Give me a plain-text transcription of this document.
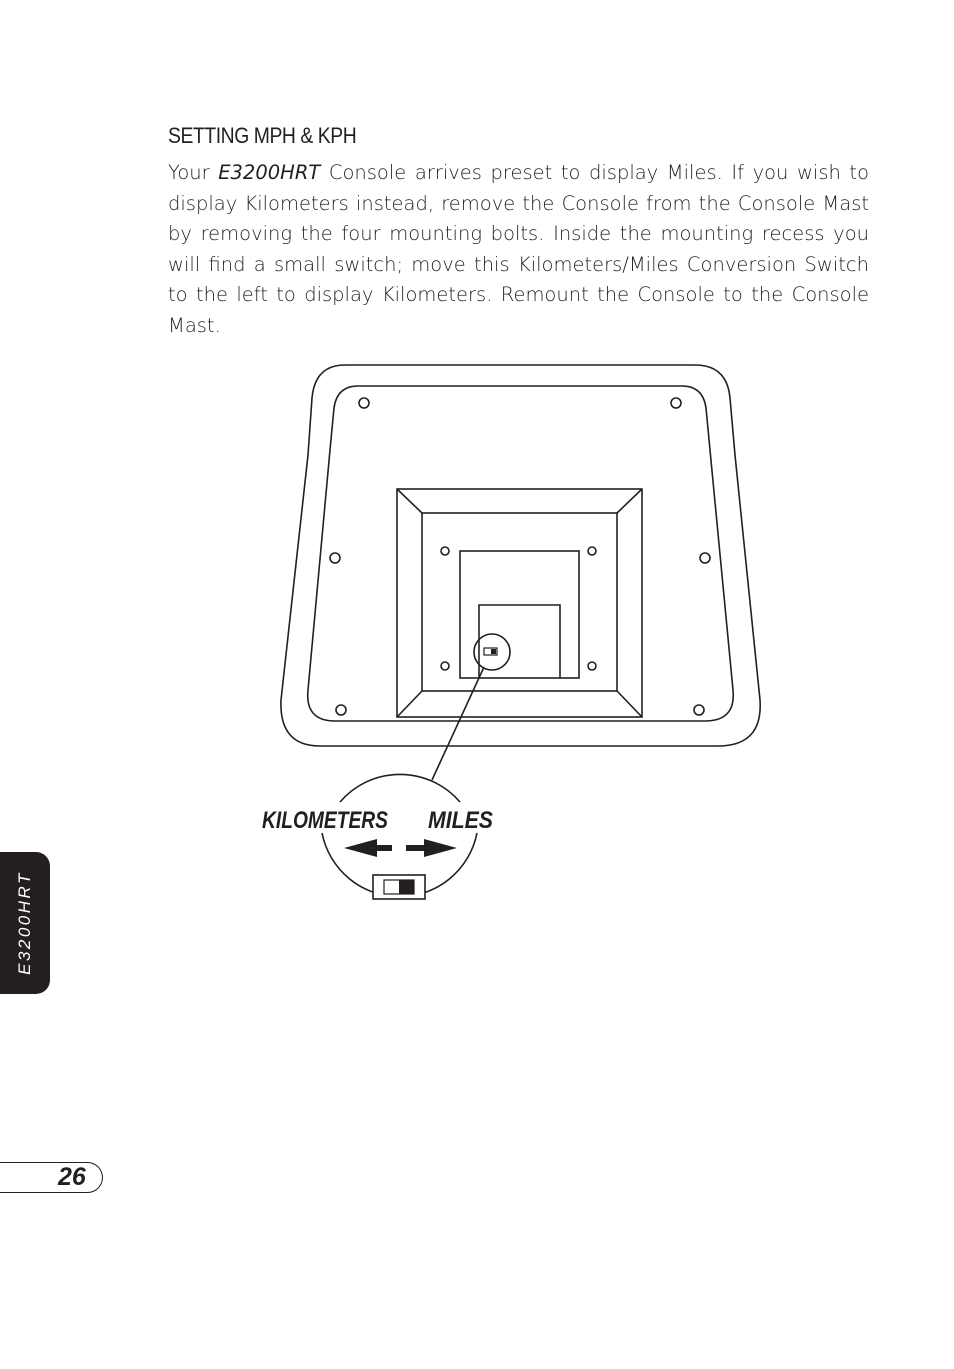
SETTING MPH & KPH

Your E3200HRT Console arrives preset to display Miles. If you wish to display Kilometers instead, remove the Console from the Console Mast by removing the four mounting bolts. Inside the mounting recess you will find a small switch; move this Kilometers/Miles Conversion Switch to the left to display Kilometers. Remount the Console to the Console Mast.

KILOMETERS MILES
E3200HRT
26
